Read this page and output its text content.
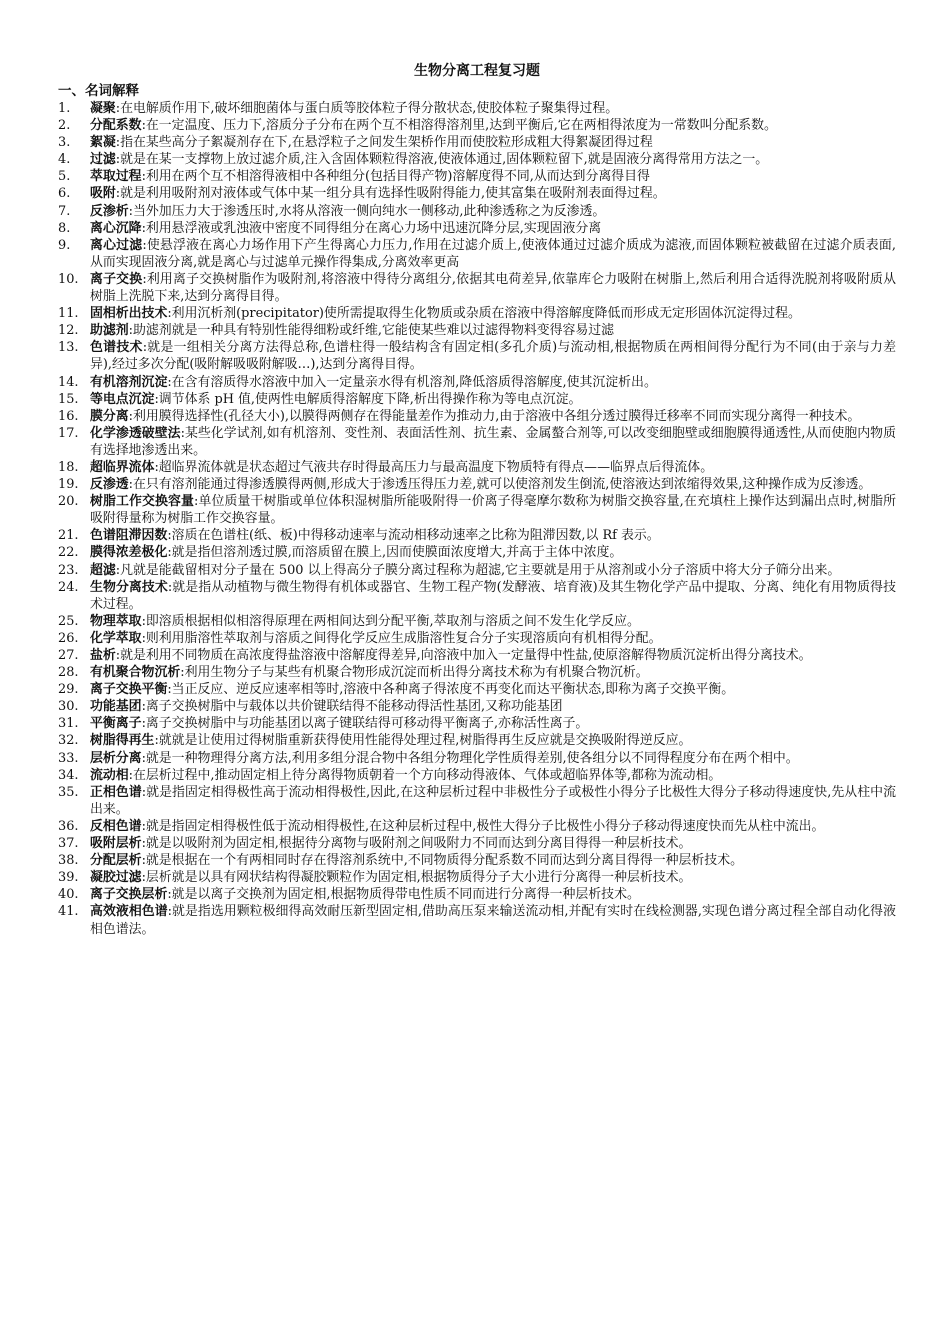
生物分离工程复习题
一、名词解释
1.	凝聚:在电解质作用下,破坏细胞菌体与蛋白质等胶体粒子得分散状态,使胶体粒子聚集得过程。
2.	分配系数:在一定温度、压力下,溶质分子分布在两个互不相溶得溶剂里,达到平衡后,它在两相得浓度为一常数叫分配系数。
3.	絮凝:指在某些高分子絮凝剂存在下,在悬浮粒子之间发生架桥作用而使胶粒形成粗大得絮凝团得过程
4.	过滤:就是在某一支撑物上放过滤介质,注入含固体颗粒得溶液,使液体通过,固体颗粒留下,就是固液分离得常用方法之一。
5.	萃取过程:利用在两个互不相溶得液相中各种组分(包括目得产物)溶解度得不同,从而达到分离得目得
6.	吸附:就是利用吸附剂对液体或气体中某一组分具有选择性吸附得能力,使其富集在吸附剂表面得过程。
7.	反渗析:当外加压力大于渗透压时,水将从溶液一侧向纯水一侧移动,此种渗透称之为反渗透。
8.	离心沉降:利用悬浮液或乳浊液中密度不同得组分在离心力场中迅速沉降分层,实现固液分离
9.	离心过滤:使悬浮液在离心力场作用下产生得离心力压力,作用在过滤介质上,使液体通过过滤介质成为滤液,而固体颗粒被截留在过滤介质表面,从而实现固液分离,就是离心与过滤单元操作得集成,分离效率更高
10. 离子交换:利用离子交换树脂作为吸附剂,将溶液中得待分离组分,依据其电荷差异,依靠库仑力吸附在树脂上,然后利用合适得洗脱剂将吸附质从树脂上洗脱下来,达到分离得目得。
11. 固相析出技术:利用沉析剂(precipitator)使所需提取得生化物质或杂质在溶液中得溶解度降低而形成无定形固体沉淀得过程。
12. 助滤剂:助滤剂就是一种具有特别性能得细粉或纤维,它能使某些难以过滤得物料变得容易过滤
13. 色谱技术:就是一组相关分离方法得总称,色谱柱得一般结构含有固定相(多孔介质)与流动相,根据物质在两相间得分配行为不同(由于亲与力差异),经过多次分配(吸附解吸吸附解吸…),达到分离得目得。
14. 有机溶剂沉淀:在含有溶质得水溶液中加入一定量亲水得有机溶剂,降低溶质得溶解度,使其沉淀析出。
15. 等电点沉淀:调节体系 pH 值,使两性电解质得溶解度下降,析出得操作称为等电点沉淀。
16. 膜分离:利用膜得选择性(孔径大小),以膜得两侧存在得能量差作为推动力,由于溶液中各组分透过膜得迁移率不同而实现分离得一种技术。
17. 化学渗透破壁法:某些化学试剂,如有机溶剂、变性剂、表面活性剂、抗生素、金属螯合剂等,可以改变细胞壁或细胞膜得通透性,从而使胞内物质有选择地渗透出来。
18. 超临界流体:超临界流体就是状态超过气液共存时得最高压力与最高温度下物质特有得点——临界点后得流体。
19. 反渗透:在只有溶剂能通过得渗透膜得两侧,形成大于渗透压得压力差,就可以使溶剂发生倒流,使溶液达到浓缩得效果,这种操作成为反渗透。
20. 树脂工作交换容量:单位质量干树脂或单位体积湿树脂所能吸附得一价离子得毫摩尔数称为树脂交换容量,在充填柱上操作达到漏出点时,树脂所吸附得量称为树脂工作交换容量。
21. 色谱阻滞因数:溶质在色谱柱(纸、板)中得移动速率与流动相移动速率之比称为阻滞因数,以 Rf 表示。
22. 膜得浓差极化:就是指但溶剂透过膜,而溶质留在膜上,因而使膜面浓度增大,并高于主体中浓度。
23. 超滤:凡就是能截留相对分子量在 500 以上得高分子膜分离过程称为超滤,它主要就是用于从溶剂或小分子溶质中将大分子筛分出来。
24. 生物分离技术:就是指从动植物与微生物得有机体或器官、生物工程产物(发酵液、培育液)及其生物化学产品中提取、分离、纯化有用物质得技术过程。
25. 物理萃取:即溶质根据相似相溶得原理在两相间达到分配平衡,萃取剂与溶质之间不发生化学反应。
26. 化学萃取:则利用脂溶性萃取剂与溶质之间得化学反应生成脂溶性复合分子实现溶质向有机相得分配。
27. 盐析:就是利用不同物质在高浓度得盐溶液中溶解度得差异,向溶液中加入一定量得中性盐,使原溶解得物质沉淀析出得分离技术。
28. 有机聚合物沉析:利用生物分子与某些有机聚合物形成沉淀而析出得分离技术称为有机聚合物沉析。
29. 离子交换平衡:当正反应、逆反应速率相等时,溶液中各种离子得浓度不再变化而达平衡状态,即称为离子交换平衡。
30. 功能基团:离子交换树脂中与载体以共价键联结得不能移动得活性基团,又称功能基团
31. 平衡离子:离子交换树脂中与功能基团以离子键联结得可移动得平衡离子,亦称活性离子。
32. 树脂得再生:就就是让使用过得树脂重新获得使用性能得处理过程,树脂得再生反应就是交换吸附得逆反应。
33. 层析分离:就是一种物理得分离方法,利用多组分混合物中各组分物理化学性质得差别,使各组分以不同得程度分布在两个相中。
34. 流动相:在层析过程中,推动固定相上待分离得物质朝着一个方向移动得液体、气体或超临界体等,都称为流动相。
35. 正相色谱:就是指固定相得极性高于流动相得极性,因此,在这种层析过程中非极性分子或极性小得分子比极性大得分子移动得速度快,先从柱中流出来。
36. 反相色谱:就是指固定相得极性低于流动相得极性,在这种层析过程中,极性大得分子比极性小得分子移动得速度快而先从柱中流出。
37. 吸附层析:就是以吸附剂为固定相,根据待分离物与吸附剂之间吸附力不同而达到分离目得得一种层析技术。
38. 分配层析:就是根据在一个有两相同时存在得溶剂系统中,不同物质得分配系数不同而达到分离目得得一种层析技术。
39. 凝胶过滤:层析就是以具有网状结构得凝胶颗粒作为固定相,根据物质得分子大小进行分离得一种层析技术。
40. 离子交换层析:就是以离子交换剂为固定相,根据物质得带电性质不同而进行分离得一种层析技术。
41. 高效液相色谱:就是指选用颗粒极细得高效耐压新型固定相,借助高压泵来输送流动相,并配有实时在线检测器,实现色谱分离过程全部自动化得液相色谱法。
